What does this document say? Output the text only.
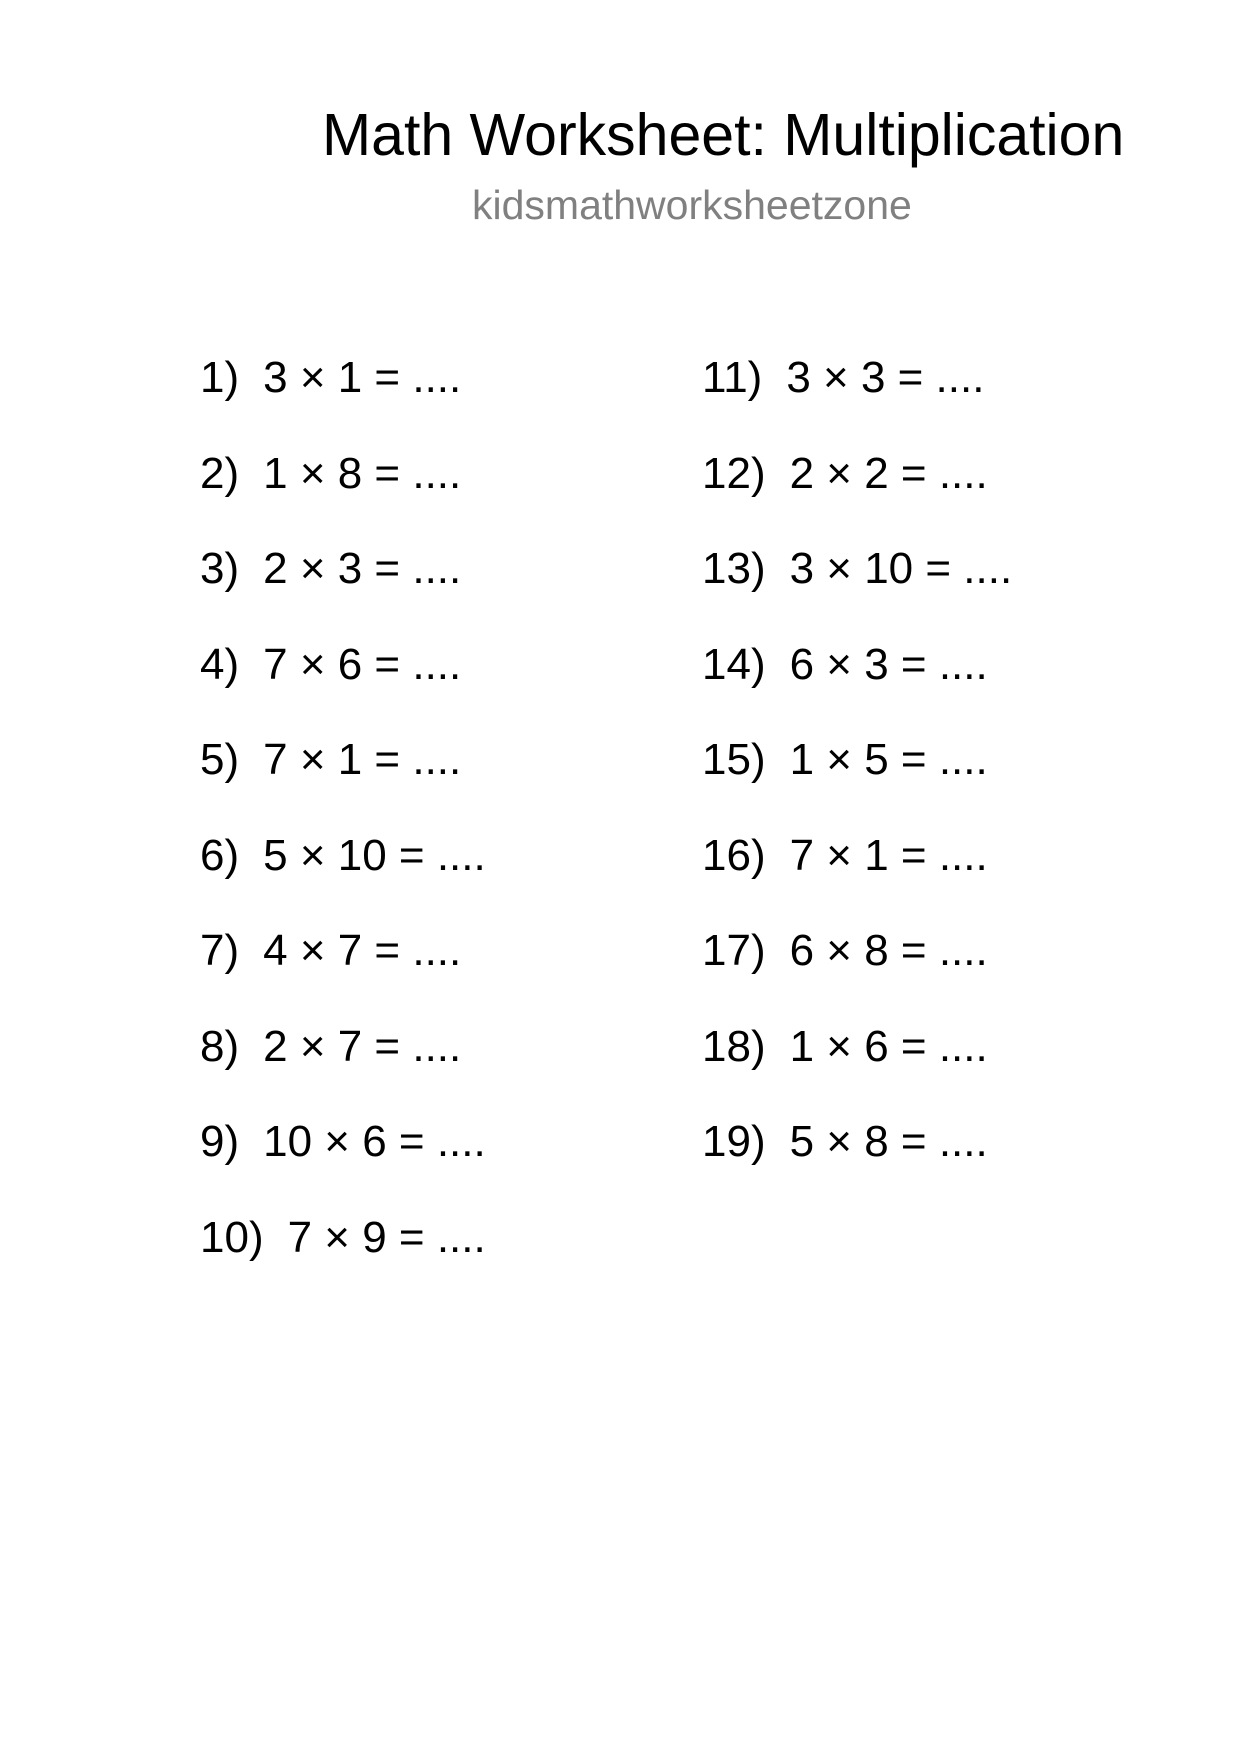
Math Worksheet: Multiplication
kidsmathworksheetzone
1) 3 × 1 = ....
2) 1 × 8 = ....
3) 2 × 3 = ....
4) 7 × 6 = ....
5) 7 × 1 = ....
6) 5 × 10 = ....
7) 4 × 7 = ....
8) 2 × 7 = ....
9) 10 × 6 = ....
10) 7 × 9 = ....
11) 3 × 3 = ....
12) 2 × 2 = ....
13) 3 × 10 = ....
14) 6 × 3 = ....
15) 1 × 5 = ....
16) 7 × 1 = ....
17) 6 × 8 = ....
18) 1 × 6 = ....
19) 5 × 8 = ....
